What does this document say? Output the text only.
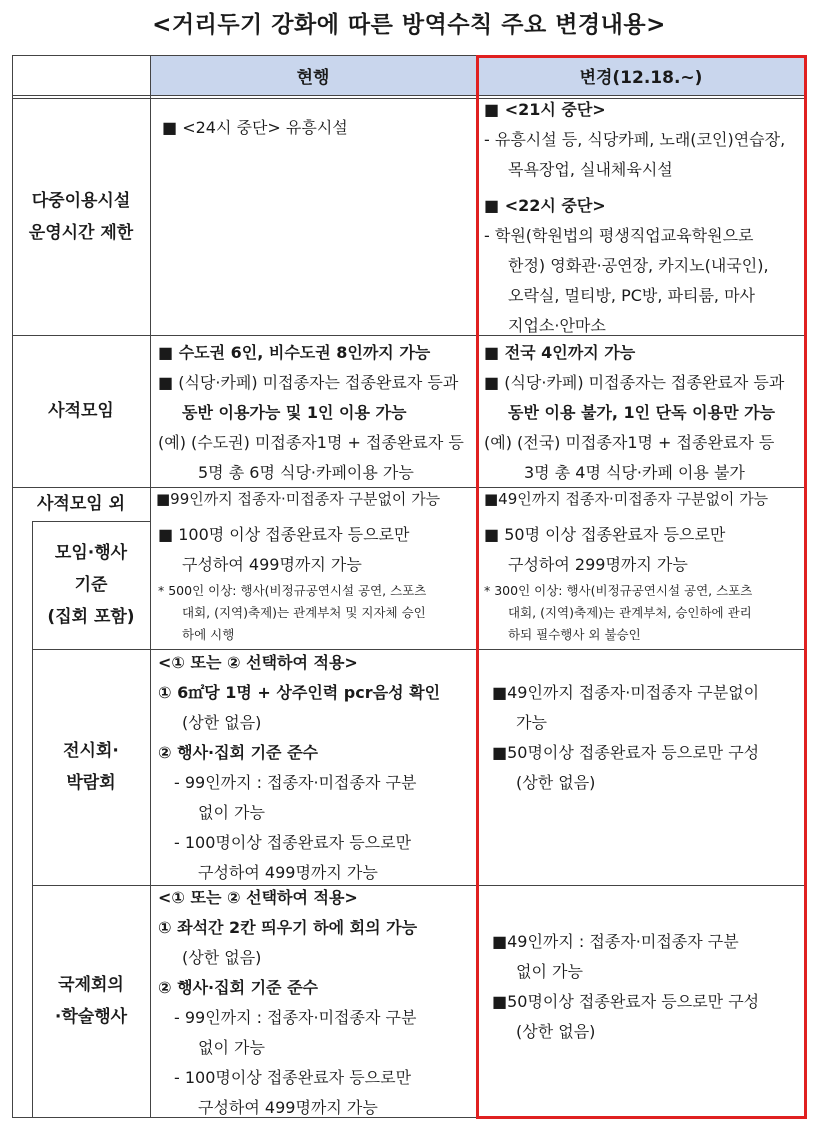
<거리두기 강화에 따른 방역수칙 주요 변경내용>
현행	변경(12.18.~)
다중이용시설
운영시간 제한
■ <24시 중단> 유흥시설
■ <21시 중단>
- 유흥시설 등, 식당카페, 노래(코인)연습장,
목욕장업, 실내체육시설
■ <22시 중단>
- 학원(학원법의 평생직업교육학원으로
한정) 영화관·공연장, 카지노(내국인),
오락실, 멀티방, PC방, 파티룸, 마사
지업소·안마소
사적모임
■ 수도권 6인, 비수도권 8인까지 가능
■ (식당·카페) 미접종자는 접종완료자 등과
동반 이용가능 및 1인 이용 가능
(예) (수도권) 미접종자1명 + 접종완료자 등
5명 총 6명 식당·카페이용 가능
■ 전국 4인까지 가능
■ (식당·카페) 미접종자는 접종완료자 등과
동반 이용 불가, 1인 단독 이용만 가능
(예) (전국) 미접종자1명 + 접종완료자 등
3명 총 4명 식당·카페 이용 불가
사적모임 외 ■99인까지 접종자·미접종자 구분없이 가능	■49인까지 접종자·미접종자 구분없이 가능
모임·행사
기준
(집회 포함)
■ 100명 이상 접종완료자 등으로만
구성하여 499명까지 가능
* 500인 이상: 행사(비정규공연시설 공연, 스포츠
대회, (지역)축제)는 관계부처 및 지자체 승인
하에 시행
■ 50명 이상 접종완료자 등으로만
구성하여 299명까지 가능
* 300인 이상: 행사(비정규공연시설 공연, 스포츠
대회, (지역)축제)는 관계부처, 승인하에 관리
하되 필수행사 외 불승인
전시회·
박람회
<① 또는 ② 선택하여 적용>
① 6㎡당 1명 + 상주인력 pcr음성 확인
(상한 없음)
② 행사·집회 기준 준수
- 99인까지 : 접종자·미접종자 구분
없이 가능
- 100명이상 접종완료자 등으로만
구성하여 499명까지 가능
■49인까지 접종자·미접종자 구분없이
가능
■50명이상 접종완료자 등으로만 구성
(상한 없음)
국제회의
·학술행사
<① 또는 ② 선택하여 적용>
① 좌석간 2칸 띄우기 하에 회의 가능
(상한 없음)
② 행사·집회 기준 준수
- 99인까지 : 접종자·미접종자 구분
없이 가능
- 100명이상 접종완료자 등으로만
구성하여 499명까지 가능
■49인까지 : 접종자·미접종자 구분
없이 가능
■50명이상 접종완료자 등으로만 구성
(상한 없음)
